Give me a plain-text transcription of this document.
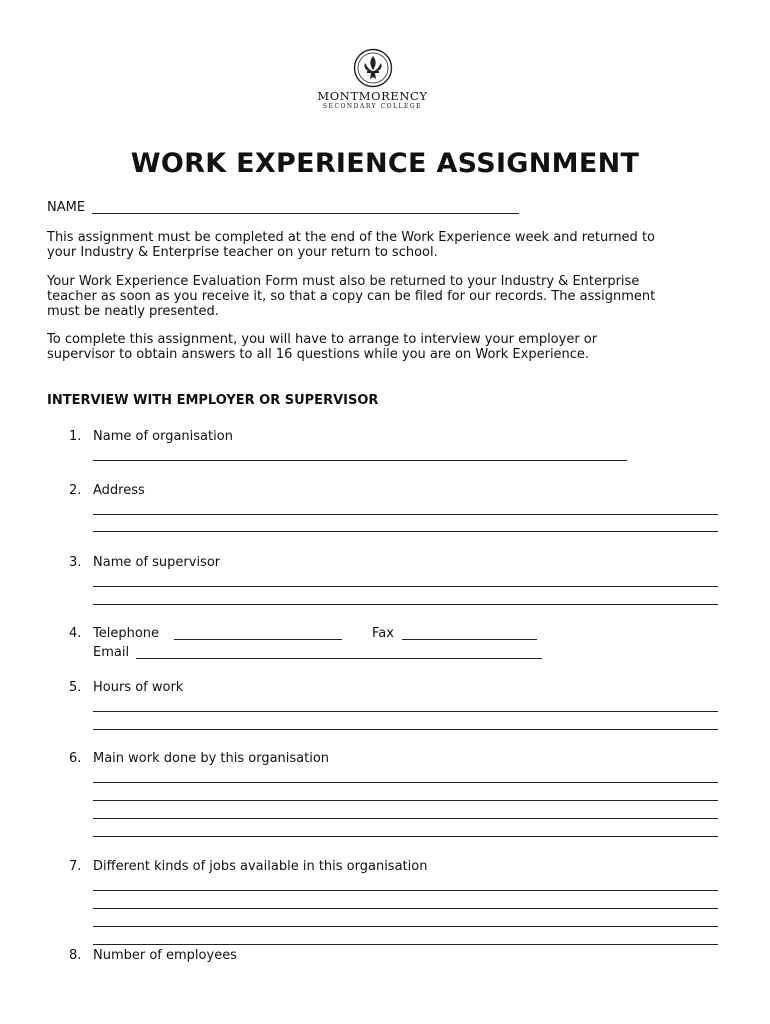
MONTMORENCY
SECONDARY COLLEGE
WORK EXPERIENCE ASSIGNMENT
NAME
This assignment must be completed at the end of the Work Experience week and returned to
your Industry & Enterprise teacher on your return to school.
Your Work Experience Evaluation Form must also be returned to your Industry & Enterprise
teacher as soon as you receive it, so that a copy can be filed for our records. The assignment
must be neatly presented.
To complete this assignment, you will have to arrange to interview your employer or
supervisor to obtain answers to all 16 questions while you are on Work Experience.
INTERVIEW WITH EMPLOYER OR SUPERVISOR
1. Name of organisation
2. Address
3. Name of supervisor
4. Telephone	Fax
Email
5. Hours of work
6. Main work done by this organisation
7. Different kinds of jobs available in this organisation
8. Number of employees
